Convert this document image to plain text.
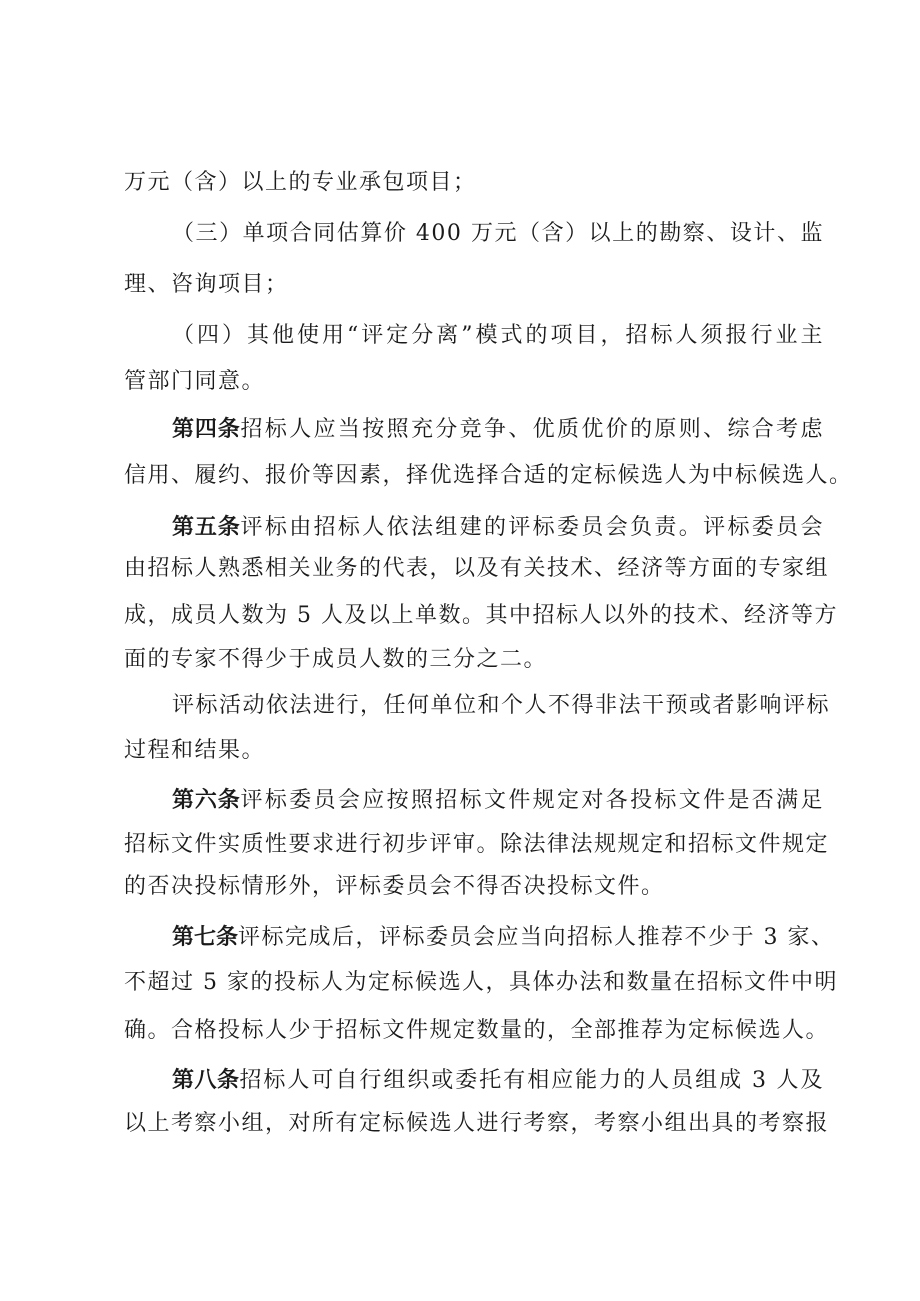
万元（含）以上的专业承包项目；
（三）单项合同估算价 400 万元（含）以上的勘察、设计、监
理、咨询项目；
（四）其他使用“评定分离”模式的项目，招标人须报行业主
管部门同意。
第四条招标人应当按照充分竞争、优质优价的原则、综合考虑
信用、履约、报价等因素，择优选择合适的定标候选人为中标候选人。
第五条评标由招标人依法组建的评标委员会负责。评标委员会
由招标人熟悉相关业务的代表，以及有关技术、经济等方面的专家组
成，成员人数为 5 人及以上单数。其中招标人以外的技术、经济等方
面的专家不得少于成员人数的三分之二。
评标活动依法进行，任何单位和个人不得非法干预或者影响评标
过程和结果。
第六条评标委员会应按照招标文件规定对各投标文件是否满足
招标文件实质性要求进行初步评审。除法律法规规定和招标文件规定
的否决投标情形外，评标委员会不得否决投标文件。
第七条评标完成后，评标委员会应当向招标人推荐不少于 3 家、
不超过 5 家的投标人为定标候选人，具体办法和数量在招标文件中明
确。合格投标人少于招标文件规定数量的，全部推荐为定标候选人。
第八条招标人可自行组织或委托有相应能力的人员组成 3 人及
以上考察小组，对所有定标候选人进行考察，考察小组出具的考察报
